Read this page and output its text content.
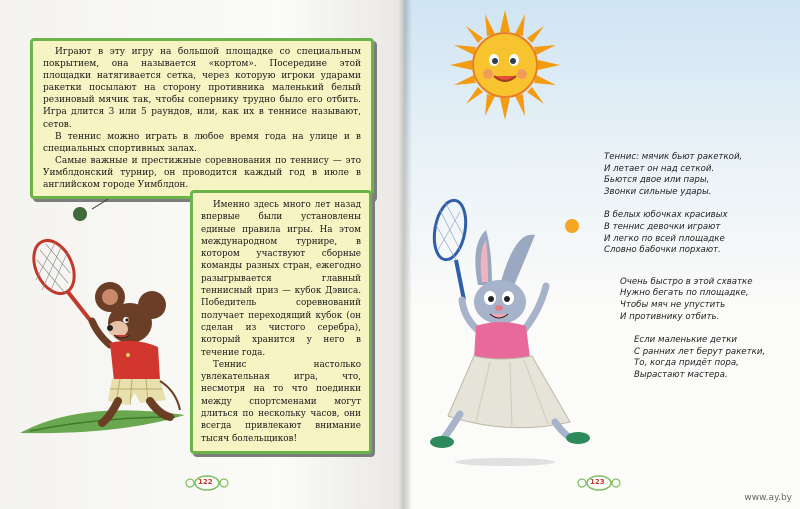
Играют в эту игру на большой площадке со специальным покрытием, она называется «кортом». Посередине этой площадки натягивается сетка, через которую игроки ударами ракетки посылают на сторону противника маленький белый резиновый мячик так, чтобы сопернику трудно было его отбить. Игра длится 3 или 5 раундов, или, как их в теннисе называют, сетов.

В теннис можно играть в любое время года на улице и в специальных спортивных залах.

Самые важные и престижные соревнования по теннису — это Уимблдонский турнир, он проводится каждый год в июле в английском городе Уимблдон.

Именно здесь много лет назад впервые были установлены единые правила игры. На этом международном турнире, в котором участвуют сборные команды разных стран, ежегодно разыгрывается главный теннисный приз — кубок Дэвиса. Победитель соревнований получает переходящий кубок (он сделан из чистого серебра), который хранится у него в течение года.

Теннис настолько увлекательная игра, что, несмотря на то что поединки между спортсменами могут длиться по нескольку часов, они всегда привлекают внимание тысяч болельщиков!

Теннис: мячик бьют ракеткой,
И летает он над сеткой.
Бьются двое или пары,
Звонки сильные удары.
В белых юбочках красивых
В теннис девочки играют
И легко по всей площадке
Словно бабочки порхают.
Очень быстро в этой схватке
Нужно бегать по площадке,
Чтобы мяч не упустить
И противнику отбить.
Если маленькие детки
С ранних лет берут ракетки,
То, когда придёт пора,
Вырастают мастера.
122	123
www.ay.by
